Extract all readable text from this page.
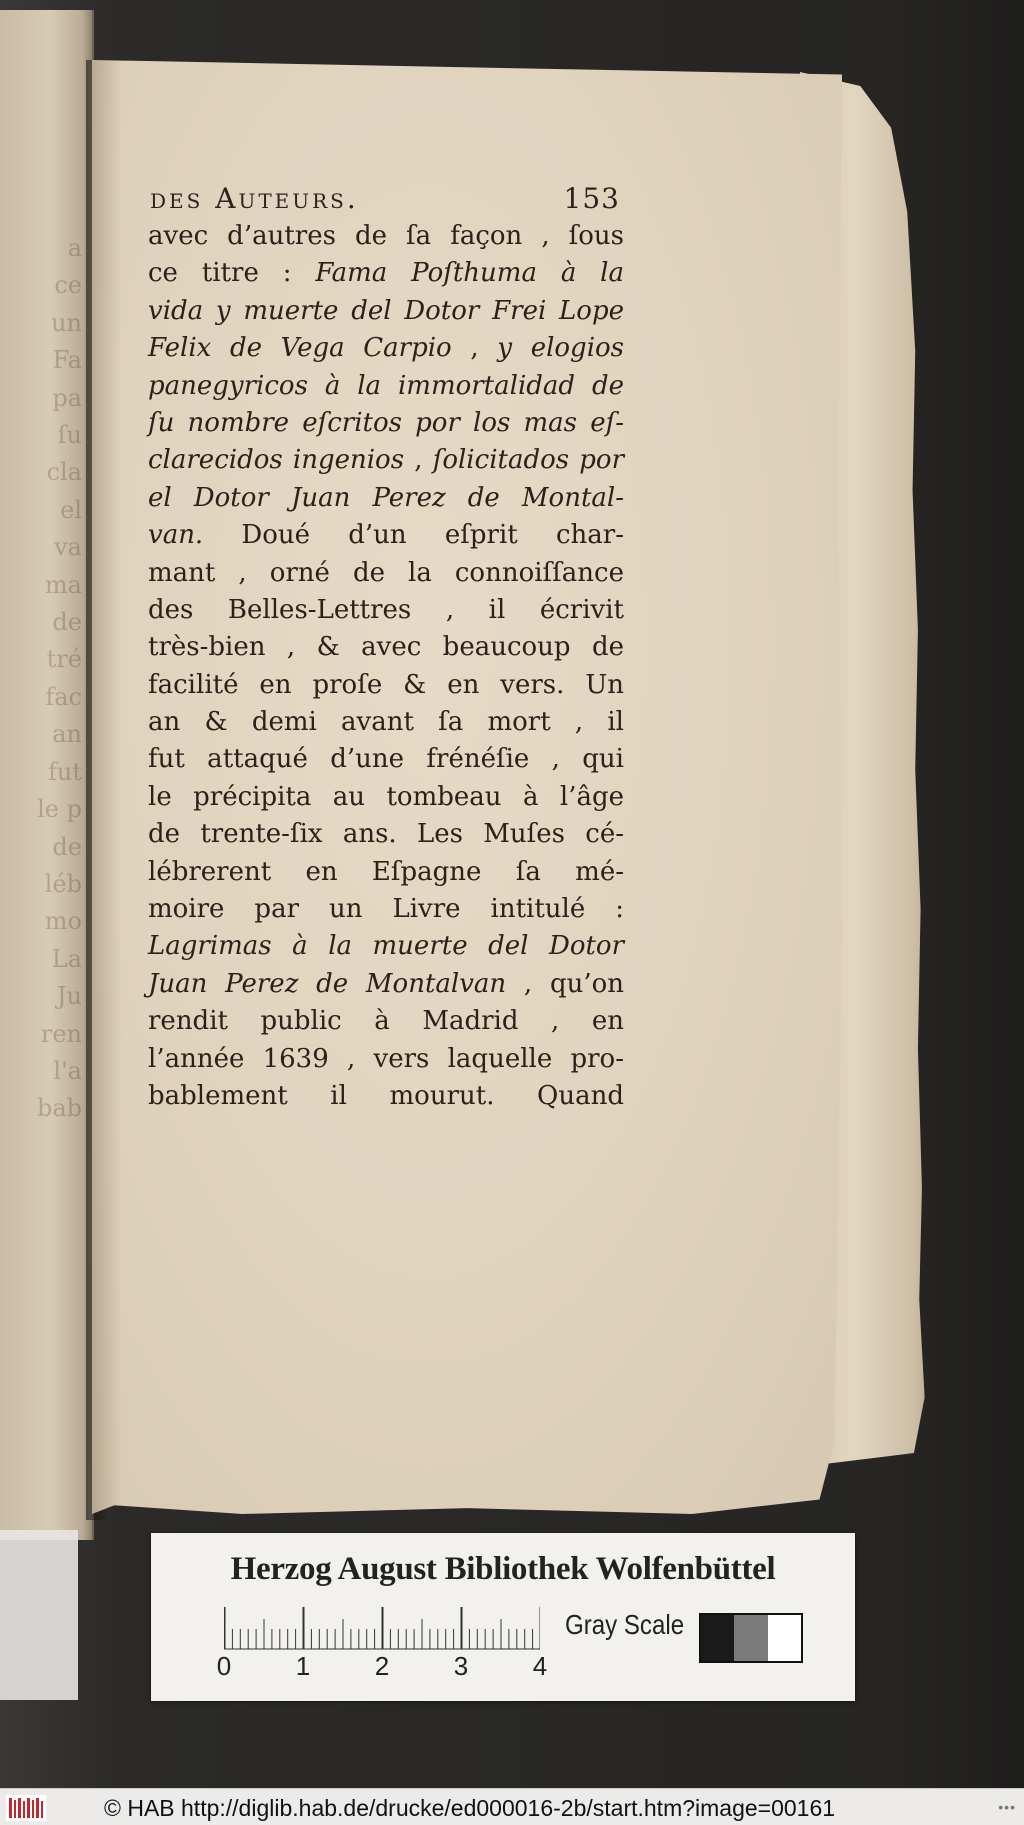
a
ce
un
Fa
pa
ſu
cla
el
va
ma
de
tré
fac
an
fut
le p
de
léb
mo
La
Ju
ren
l'a
bab
des Auteurs.	153
avec d’autres de ſa façon , ſous
ce titre : Fama Poſthuma à la
vida y muerte del Dotor Frei Lope
Felix de Vega Carpio , y elogios
panegyricos à la immortalidad de
ſu nombre eſcritos por los mas eſ-
clarecidos ingenios , ſolicitados por
el Dotor Juan Perez de Montal-
van. Doué d’un eſprit char-
mant , orné de la connoiſſance
des Belles-Lettres , il écrivit
très-bien , & avec beaucoup de
facilité en proſe & en vers. Un
an & demi avant ſa mort , il
fut attaqué d’une frénéſie , qui
le précipita au tombeau à l’âge
de trente-ſix ans. Les Muſes cé-
lébrerent en Eſpagne ſa mé-
moire par un Livre intitulé :
Lagrimas à la muerte del Dotor
Juan Perez de Montalvan , qu’on
rendit public à Madrid , en
l’année 1639 , vers laquelle pro-
bablement il mourut. Quand
Herzog August Bibliothek Wolfenbüttel
0 1 2 3 4
Gray Scale
© HAB http://diglib.hab.de/drucke/ed000016-2b/start.htm?image=00161	•••
